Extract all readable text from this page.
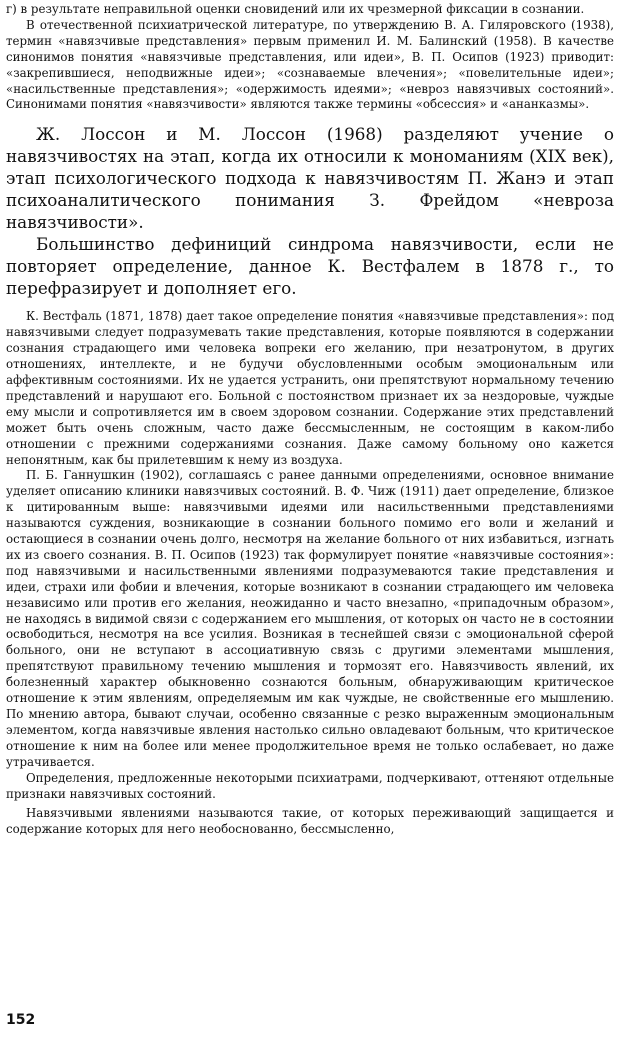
г) в результате неправильной оценки сновидений или их чрезмерной фиксации в сознании.

В отечественной психиатрической литературе, по утверждению В. А. Гиляровского (1938), термин «навязчивые представления» первым применил И. М. Балинский (1958). В качестве синонимов понятия «навязчивые представления, или идеи», В. П. Осипов (1923) приводит: «закрепившиеся, неподвижные идеи»; «сознаваемые влечения»; «повелительные идеи»; «насильственные представления»; «одержимость идеями»; «невроз навязчивых состояний». Синонимами понятия «навязчивости» являются также термины «обсессия» и «ананказмы».

Ж. Лоссон и М. Лоссон (1968) разделяют учение о навязчивостях на этап, когда их относили к мономаниям (XIX век), этап психологического подхода к навязчивостям П. Жанэ и этап психоаналитического понимания З. Фрейдом «невроза навязчивости».

Большинство дефиниций синдрома навязчивости, если не повторяет определение, данное К. Вестфалем в 1878 г., то перефразирует и дополняет его.

К. Вестфаль (1871, 1878) дает такое определение понятия «навязчивые представления»: под навязчивыми следует подразумевать такие представления, которые появляются в содержании сознания страдающего ими человека вопреки его желанию, при незатронутом, в других отношениях, интеллекте, и не будучи обусловленными особым эмоциональным или аффективным состояниями. Их не удается устранить, они препятствуют нормальному течению представлений и нарушают его. Больной с постоянством признает их за нездоровые, чуждые ему мысли и сопротивляется им в своем здоровом сознании. Содержание этих представлений может быть очень сложным, часто даже бессмысленным, не состоящим в каком-либо отношении с прежними содержаниями сознания. Даже самому больному оно кажется непонятным, как бы прилетевшим к нему из воздуха.

П. Б. Ганнушкин (1902), соглашаясь с ранее данными определениями, основное внимание уделяет описанию клиники навязчивых состояний. В. Ф. Чиж (1911) дает определение, близкое к цитированным выше: навязчивыми идеями или насильственными представлениями называются суждения, возникающие в сознании больного помимо его воли и желаний и остающиеся в сознании очень долго, несмотря на желание больного от них избавиться, изгнать их из своего сознания. В. П. Осипов (1923) так формулирует понятие «навязчивые состояния»: под навязчивыми и насильственными явлениями подразумеваются такие представления и идеи, страхи или фобии и влечения, которые возникают в сознании страдающего им человека независимо или против его желания, неожиданно и часто внезапно, «припадочным образом», не находясь в видимой связи с содержанием его мышления, от которых он часто не в состоянии освободиться, несмотря на все усилия. Возникая в теснейшей связи с эмоциональной сферой больного, они не вступают в ассоциативную связь с другими элементами мышления, препятствуют правильному течению мышления и тормозят его. Навязчивость явлений, их болезненный характер обыкновенно сознаются больным, обнаруживающим критическое отношение к этим явлениям, определяемым им как чуждые, не свойственные его мышлению. По мнению автора, бывают случаи, особенно связанные с резко выраженным эмоциональным элементом, когда навязчивые явления настолько сильно овладевают больным, что критическое отношение к ним на более или менее продолжительное время не только ослабевает, но даже утрачивается.

Определения, предложенные некоторыми психиатрами, подчеркивают, оттеняют отдельные признаки навязчивых состояний.

Навязчивыми явлениями называются такие, от которых переживающий защищается и содержание которых для него необоснованно, бессмысленно,

152
